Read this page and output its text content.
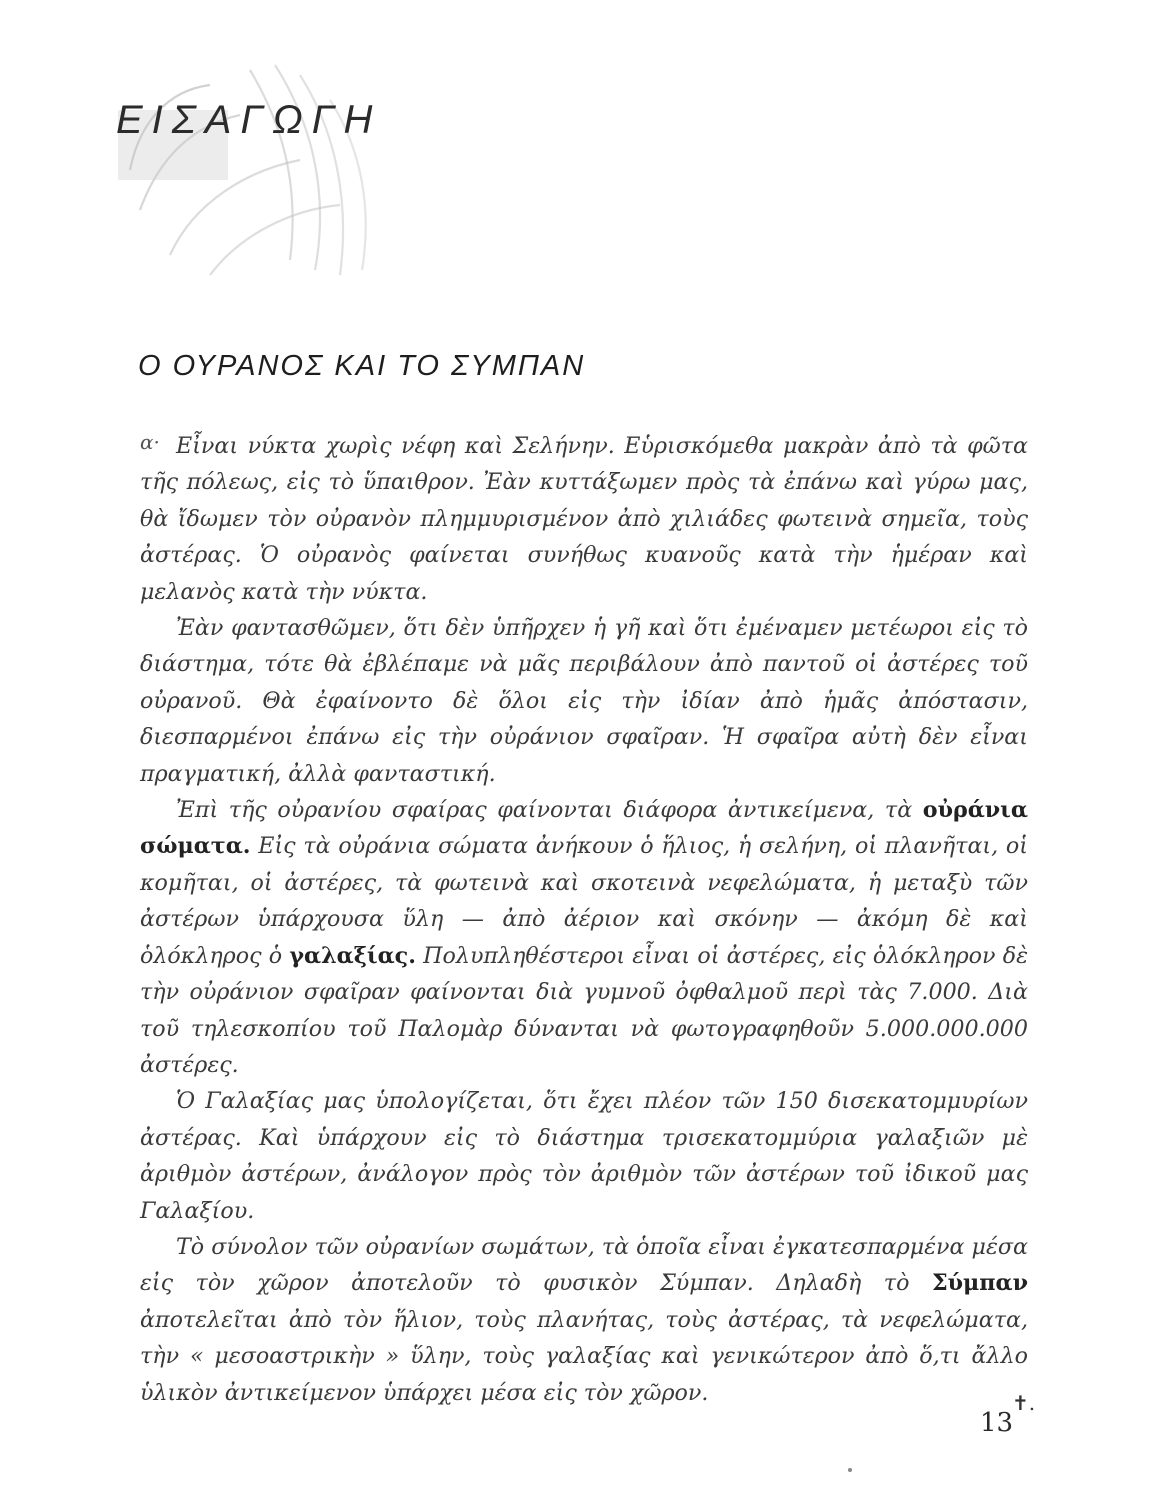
ΕΙΣΑΓΩΓΗ
Ο ΟΥΡΑΝΟΣ ΚΑΙ ΤΟ ΣΥΜΠΑΝ
α· Εἶναι νύκτα χωρὶς νέφη καὶ Σελήνην. Εὑρισκόμεθα μακρὰν ἀπὸ τὰ φῶτα τῆς πόλεως, εἰς τὸ ὕπαιθρον. Ἐὰν κυττάξωμεν πρὸς τὰ ἐπάνω καὶ γύρω μας, θὰ ἴδωμεν τὸν οὐρανὸν πλημμυρισμένον ἀπὸ χιλιάδες φωτεινὰ σημεῖα, τοὺς ἀστέρας. Ὁ οὐρανὸς φαίνεται συνήθως κυανοῦς κατὰ τὴν ἡμέραν καὶ μελανὸς κατὰ τὴν νύκτα.

Ἐὰν φαντασθῶμεν, ὅτι δὲν ὑπῆρχεν ἡ γῆ καὶ ὅτι ἐμέναμεν μετέωροι εἰς τὸ διάστημα, τότε θὰ ἐβλέπαμε νὰ μᾶς περιβάλουν ἀπὸ παντοῦ οἱ ἀστέρες τοῦ οὐρανοῦ. Θὰ ἐφαίνοντο δὲ ὅλοι εἰς τὴν ἰδίαν ἀπὸ ἡμᾶς ἀπόστασιν, διεσπαρμένοι ἐπάνω εἰς τὴν οὐράνιον σφαῖραν. Ἡ σφαῖρα αὐτὴ δὲν εἶναι πραγματική, ἀλλὰ φανταστική.

Ἐπὶ τῆς οὐρανίου σφαίρας φαίνονται διάφορα ἀντικείμενα, τὰ οὐράνια σώματα. Εἰς τὰ οὐράνια σώματα ἀνήκουν ὁ ἥλιος, ἡ σελήνη, οἱ πλανῆται, οἱ κομῆται, οἱ ἀστέρες, τὰ φωτεινὰ καὶ σκοτεινὰ νεφελώματα, ἡ μεταξὺ τῶν ἀστέρων ὑπάρχουσα ὕλη — ἀπὸ ἀέριον καὶ σκόνην — ἀκόμη δὲ καὶ ὁλόκληρος ὁ γαλαξίας. Πολυπληθέστεροι εἶναι οἱ ἀστέρες, εἰς ὁλόκληρον δὲ τὴν οὐράνιον σφαῖραν φαίνονται διὰ γυμνοῦ ὀφθαλμοῦ περὶ τὰς 7.000. Διὰ τοῦ τηλεσκοπίου τοῦ Παλομὰρ δύνανται νὰ φωτογραφηθοῦν 5.000.000.000 ἀστέρες.

Ὁ Γαλαξίας μας ὑπολογίζεται, ὅτι ἔχει πλέον τῶν 150 δισεκατομμυρίων ἀστέρας. Καὶ ὑπάρχουν εἰς τὸ διάστημα τρισεκατομμύρια γαλαξιῶν μὲ ἀριθμὸν ἀστέρων, ἀνάλογον πρὸς τὸν ἀριθμὸν τῶν ἀστέρων τοῦ ἰδικοῦ μας Γαλαξίου.

Τὸ σύνολον τῶν οὐρανίων σωμάτων, τὰ ὁποῖα εἶναι ἐγκατεσπαρμένα μέσα εἰς τὸν χῶρον ἀποτελοῦν τὸ φυσικὸν Σύμπαν. Δηλαδὴ τὸ Σύμπαν ἀποτελεῖται ἀπὸ τὸν ἥλιον, τοὺς πλανήτας, τοὺς ἀστέρας, τὰ νεφελώματα, τὴν « μεσοαστρικὴν » ὕλην, τοὺς γαλαξίας καὶ γενικώτερον ἀπὸ ὅ,τι ἄλλο ὑλικὸν ἀντικείμενον ὑπάρχει μέσα εἰς τὸν χῶρον.	✝.
13
